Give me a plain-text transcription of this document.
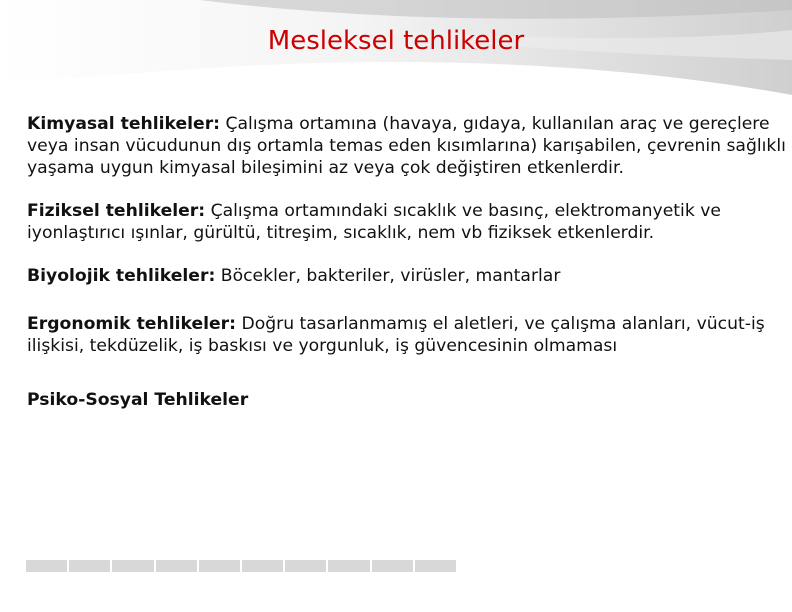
Mesleksel tehlikeler

Kimyasal tehlikeler: Çalışma ortamına (havaya, gıdaya, kullanılan araç ve gereçlere veya insan vücudunun dış ortamla temas eden kısımlarına) karışabilen, çevrenin sağlıklı yaşama uygun kimyasal bileşimini az veya çok değiştiren etkenlerdir.

Fiziksel tehlikeler: Çalışma ortamındaki sıcaklık ve basınç, elektromanyetik ve iyonlaştırıcı ışınlar, gürültü, titreşim, sıcaklık, nem vb fiziksek etkenlerdir.

Biyolojik tehlikeler: Böcekler, bakteriler, virüsler, mantarlar

Ergonomik tehlikeler: Doğru tasarlanmamış el aletleri, ve çalışma alanları, vücut-iş ilişkisi, tekdüzelik, iş baskısı ve yorgunluk, iş güvencesinin olmaması

Psiko-Sosyal Tehlikeler
